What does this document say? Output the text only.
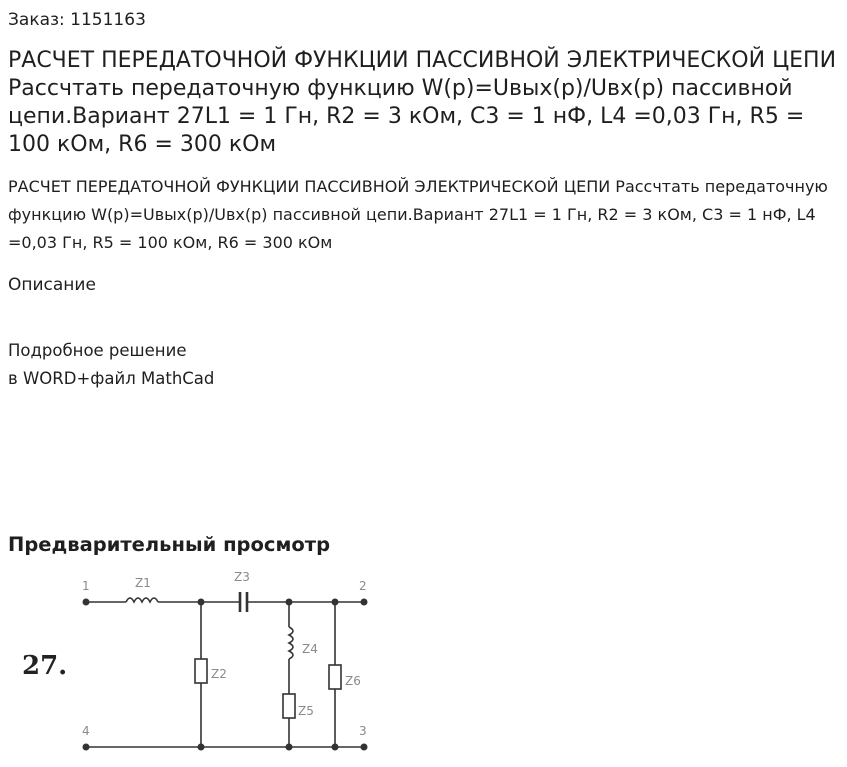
Заказ: 1151163
РАСЧЕТ ПЕРЕДАТОЧНОЙ ФУНКЦИИ ПАССИВНОЙ ЭЛЕКТРИЧЕСКОЙ ЦЕПИ Рассчтать передаточную функцию W(p)=Uвых(p)/Uвх(p) пассивной цепи.Вариант 27L1 = 1 Гн, R2 = 3 кОм, C3 = 1 нФ, L4 =0,03 Гн, R5 = 100 кОм, R6 = 300 кОм
РАСЧЕТ ПЕРЕДАТОЧНОЙ ФУНКЦИИ ПАССИВНОЙ ЭЛЕКТРИЧЕСКОЙ ЦЕПИ Рассчтать передаточную функцию W(p)=Uвых(p)/Uвх(p) пассивной цепи.Вариант 27L1 = 1 Гн, R2 = 3 кОм, C3 = 1 нФ, L4 =0,03 Гн, R5 = 100 кОм, R6 = 300 кОм
Описание
Подробное решение
в WORD+файл MathCad
Предварительный просмотр
27.
1	2
3
4
Z1
Z2
Z3
Z4
Z5
Z6
